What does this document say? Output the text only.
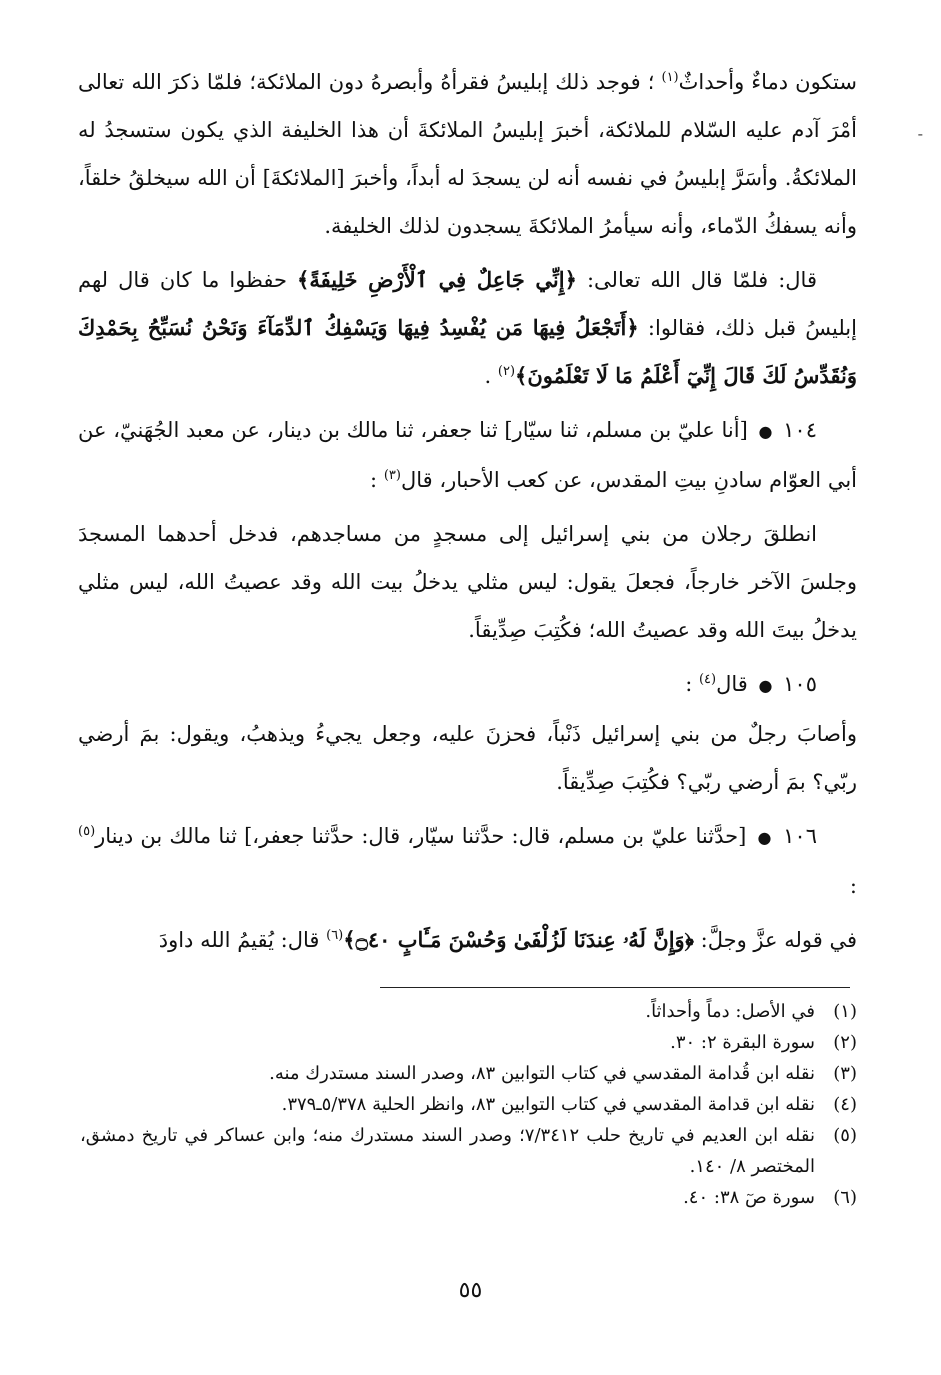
-

ستكون دماءٌ وأحداثٌ$^{(١)}$ ؛ فوجد ذلك إبليسُ فقرأهُ وأبصرهُ دون الملائكة؛ فلمّا ذكرَ الله تعالى أمْرَ آدم عليه السّلام للملائكة، أخبرَ إبليسُ الملائكةَ أن هذا الخليفة الذي يكون ستسجدُ له الملائكةُ. وأسَرَّ إبليسُ في نفسه أنه لن يسجدَ له أبداً، وأخبرَ [الملائكةَ] أن الله سيخلقُ خلقاً، وأنه يسفكُ الدّماء، وأنه سيأمرُ الملائكةَ يسجدون لذلك الخليفة.

قال: فلمّا قال الله تعالى: ﴿إِنِّي جَاعِلٌ فِي ٱلْأَرْضِ خَلِيفَةً﴾ حفظوا ما كان قال لهم إبليسُ قبل ذلك، فقالوا: ﴿أَتَجْعَلُ فِيهَا مَن يُفْسِدُ فِيهَا وَيَسْفِكُ ٱلدِّمَآءَ وَنَحْنُ نُسَبِّحُ بِحَمْدِكَ وَنُقَدِّسُ لَكَ قَالَ إِنِّيٓ أَعْلَمُ مَا لَا تَعْلَمُونَ﴾$^{(٢)}$ .

١٠٤ ● [أنا عليّ بن مسلم، ثنا سيّار] ثنا جعفر، ثنا مالك بن دينار، عن معبد الجُهَنيّ، عن أبي العوّام سادنِ بيتِ المقدس، عن كعب الأحبار، قال$^{(٣)}$ :

انطلقَ رجلان من بني إسرائيل إلى مسجدٍ من مساجدهم، فدخل أحدهما المسجدَ وجلسَ الآخر خارجاً، فجعلَ يقول: ليس مثلي يدخلُ بيت الله وقد عصيتُ الله، ليس مثلي يدخلُ بيتَ الله وقد عصيتُ الله؛ فكُتِبَ صِدِّيقاً.

١٠٥ ● قال$^{(٤)}$ :

وأصابَ رجلٌ من بني إسرائيل ذَنْباً، فحزنَ عليه، وجعل يجيءُ ويذهبُ، ويقول: بمَ أرضي ربّي؟ بمَ أرضي ربّي؟ فكُتِبَ صِدِّيقاً.

١٠٦ ● [حدَّثنا عليّ بن مسلم، قال: حدَّثنا سيّار، قال: حدَّثنا جعفر،] ثنا مالك بن دينار$^{(٥)}$ :

في قوله عزَّ وجلَّ: ﴿وَإِنَّ لَهُۥ عِندَنَا لَزُلْفَىٰ وَحُسْنَ مَـَٔابٍ ۝٤٠﴾$^{(٦)}$ قال: يُقيمُ الله داودَ

(١)
في الأصل: دماً وأحداثاً.
(٢)
سورة البقرة ٢: ٣٠.
(٣)
نقله ابن قُدامة المقدسي في كتاب التوابين ٨٣، وصدر السند مستدرك منه.
(٤)
نقله ابن قدامة المقدسي في كتاب التوابين ٨٣، وانظر الحلية ٥/٣٧٨ـ٣٧٩.
(٥)
نقله ابن العديم في تاريخ حلب ٧/٣٤١٢؛ وصدر السند مستدرك منه؛ وابن عساكر في تاريخ دمشق، المختصر ٨/ ١٤٠.
(٦)
سورة صٓ ٣٨: ٤٠.
٥٥
